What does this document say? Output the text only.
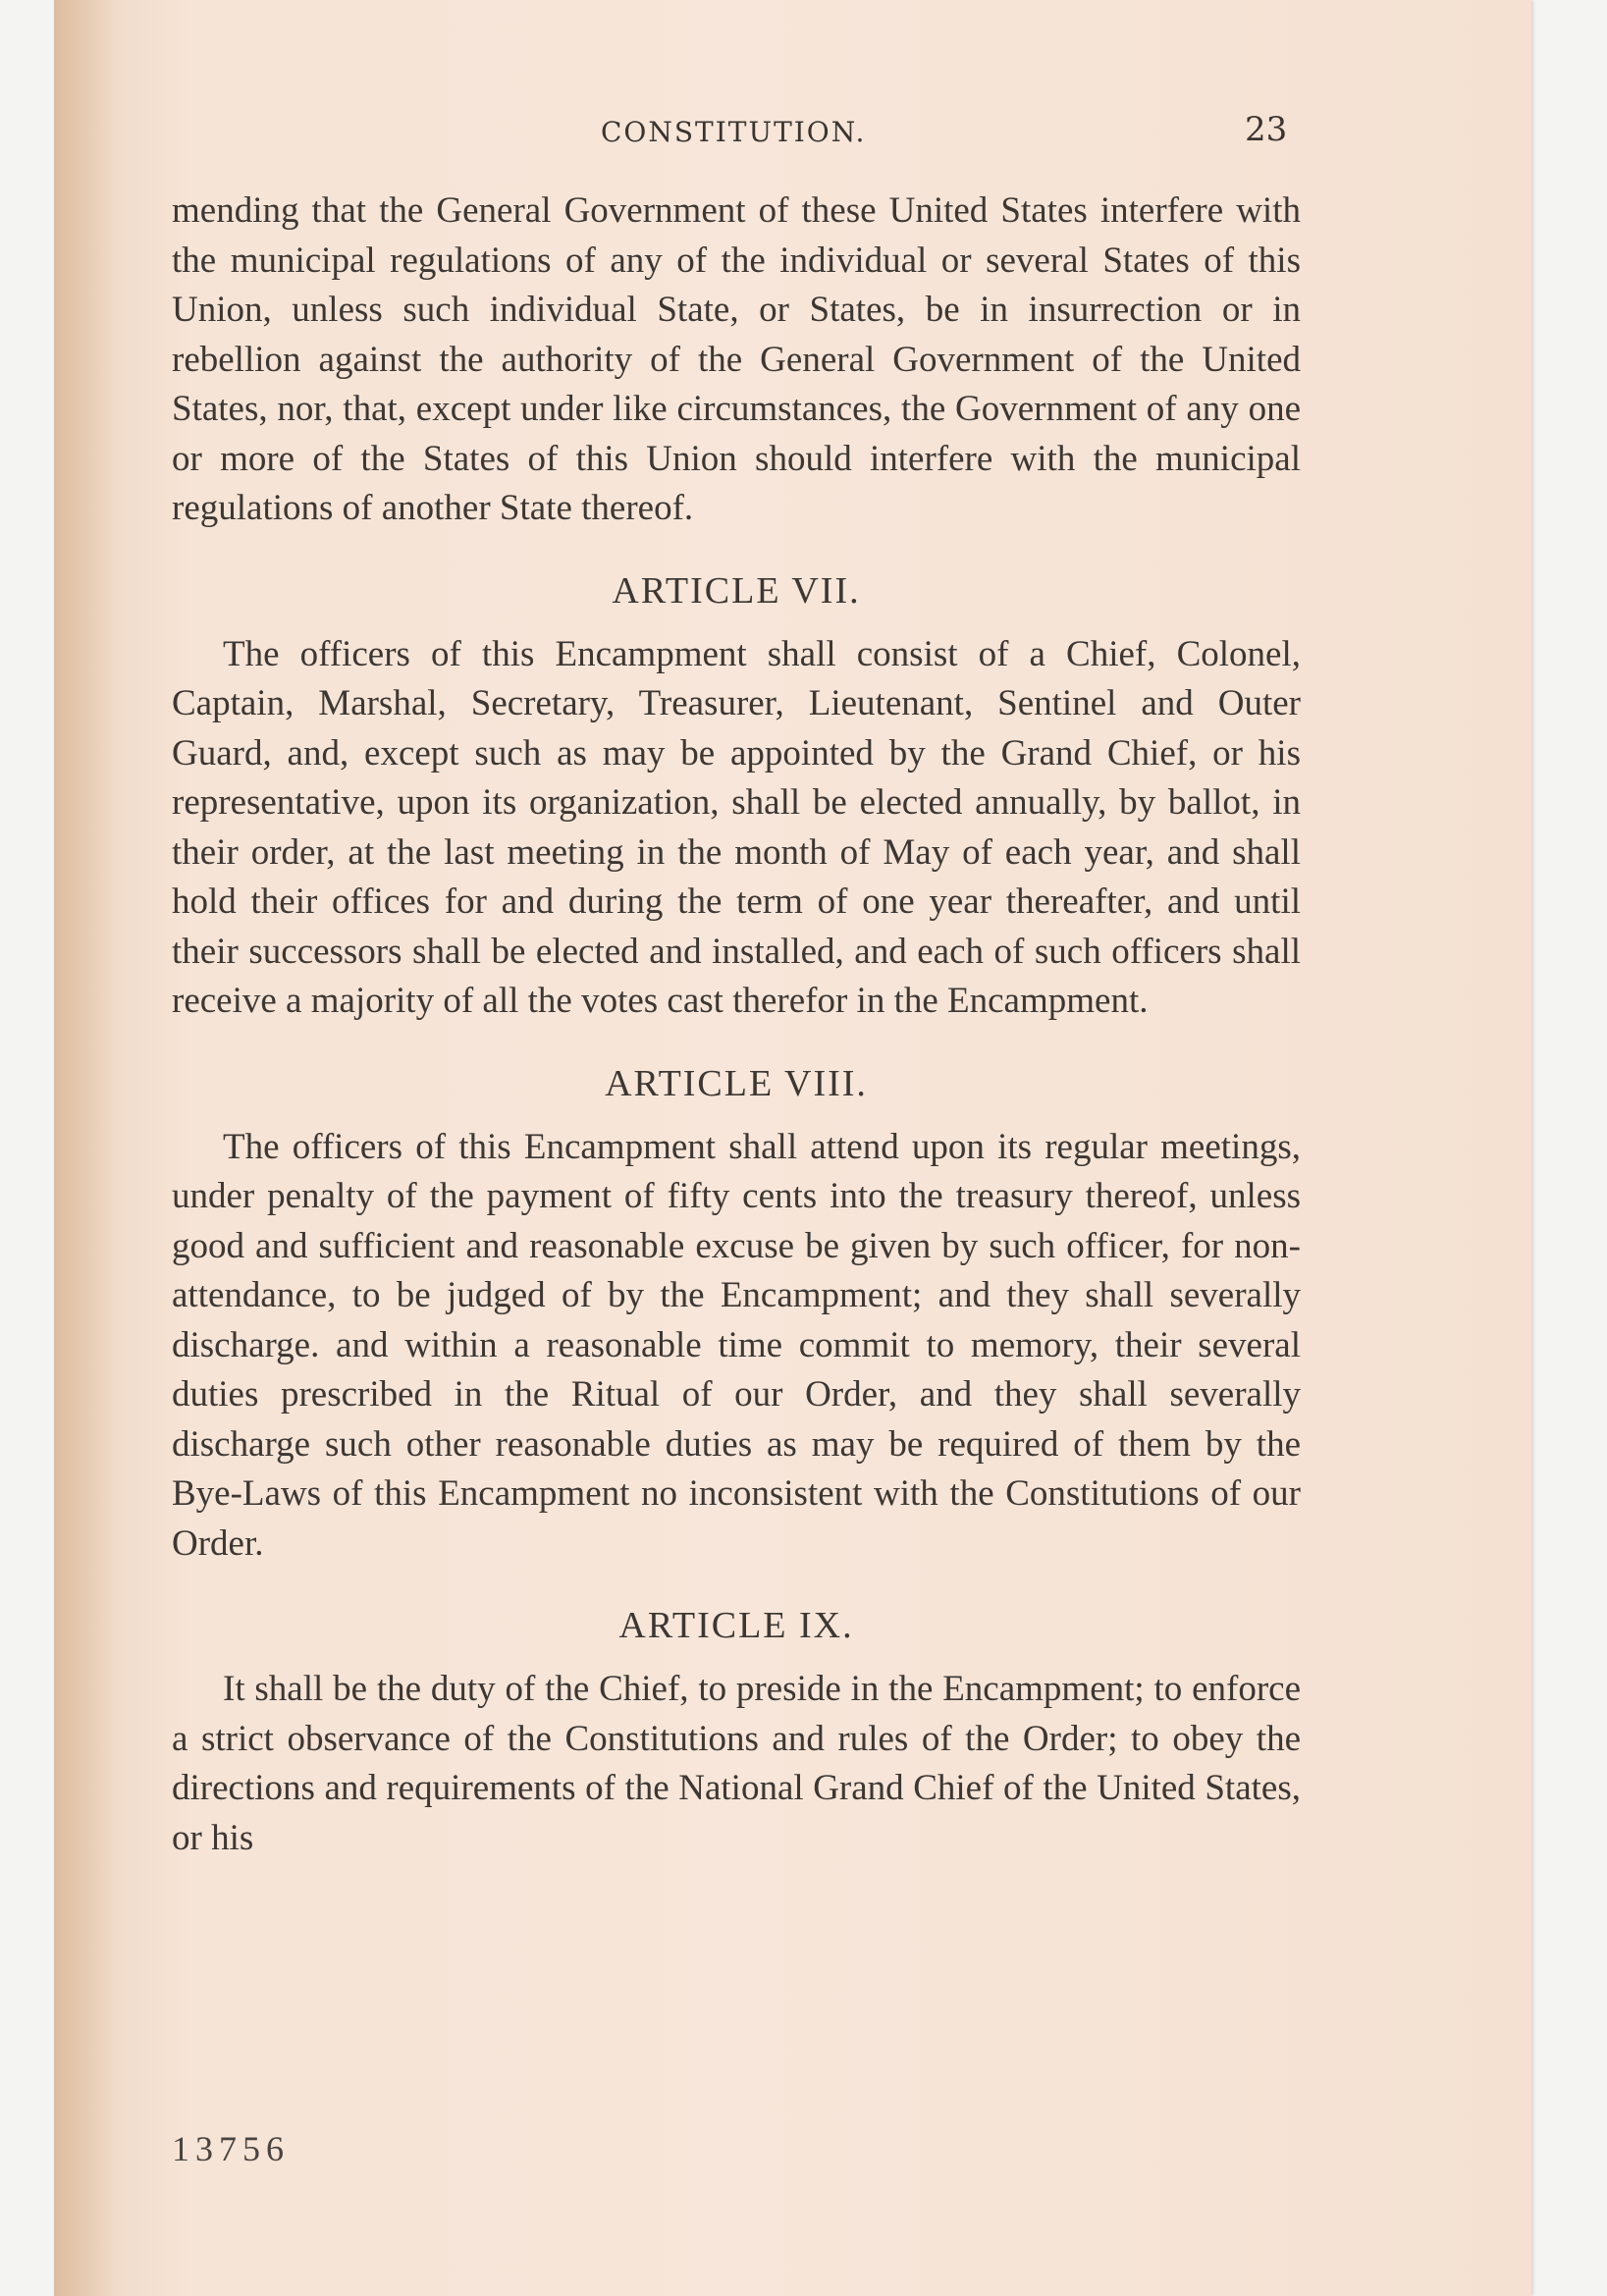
CONSTITUTION.	23

mending that the General Government of these United States interfere with the municipal regulations of any of the individual or several States of this Union, unless such individual State, or States, be in insurrection or in rebellion against the authority of the General Government of the United States, nor, that, except under like circumstances, the Government of any one or more of the States of this Union should interfere with the municipal regulations of another State thereof.

ARTICLE VII.

The officers of this Encampment shall consist of a Chief, Colonel, Captain, Marshal, Secretary, Treasurer, Lieutenant, Sentinel and Outer Guard, and, except such as may be appointed by the Grand Chief, or his representative, upon its organization, shall be elected annually, by ballot, in their order, at the last meeting in the month of May of each year, and shall hold their offices for and during the term of one year thereafter, and until their successors shall be elected and installed, and each of such officers shall receive a majority of all the votes cast therefor in the Encampment.

ARTICLE VIII.

The officers of this Encampment shall attend upon its regular meetings, under penalty of the payment of fifty cents into the treasury thereof, unless good and sufficient and reasonable excuse be given by such officer, for non-attendance, to be judged of by the Encampment; and they shall severally discharge. and within a reasonable time commit to memory, their several duties prescribed in the Ritual of our Order, and they shall severally discharge such other reasonable duties as may be required of them by the Bye-Laws of this Encampment no inconsistent with the Constitutions of our Order.

ARTICLE IX.

It shall be the duty of the Chief, to preside in the Encampment; to enforce a strict observance of the Constitutions and rules of the Order; to obey the directions and requirements of the National Grand Chief of the United States, or his

13756
